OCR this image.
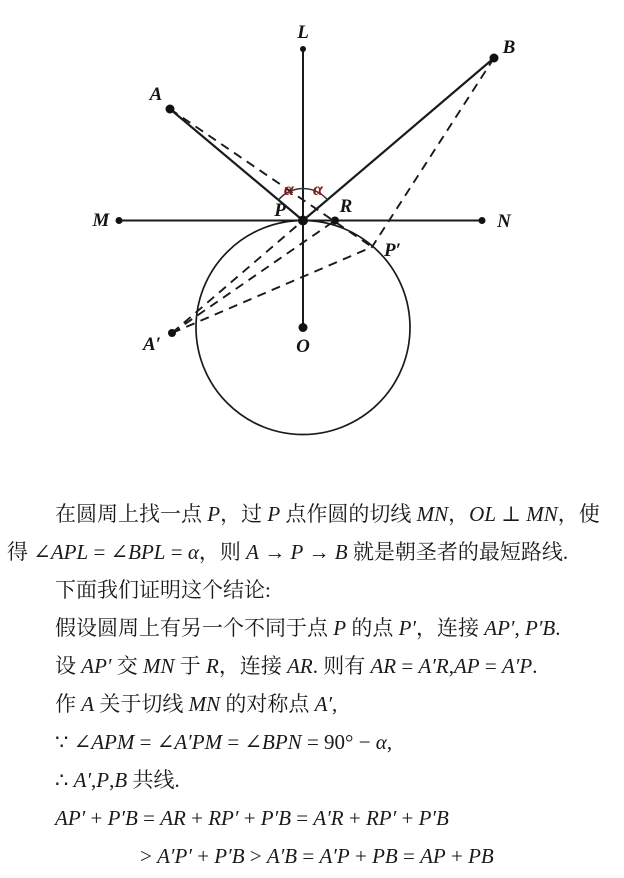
L
B
A
M	N
P	R
P′
A′	O
α α

在圆周上找一点 P，过 P 点作圆的切线 MN，OL ⊥ MN，使

得 ∠APL = ∠BPL = α，则 A → P → B 就是朝圣者的最短路线.

下面我们证明这个结论:

假设圆周上有另一个不同于点 P 的点 P′，连接 AP′, P′B.

设 AP′ 交 MN 于 R，连接 AR. 则有 AR = A′R,AP = A′P.

作 A 关于切线 MN 的对称点 A′,

∵ ∠APM = ∠A′PM = ∠BPN = 90° − α,

∴ A′,P,B 共线.

AP′ + P′B = AR + RP′ + P′B = A′R + RP′ + P′B

> A′P′ + P′B > A′B = A′P + PB = AP + PB
